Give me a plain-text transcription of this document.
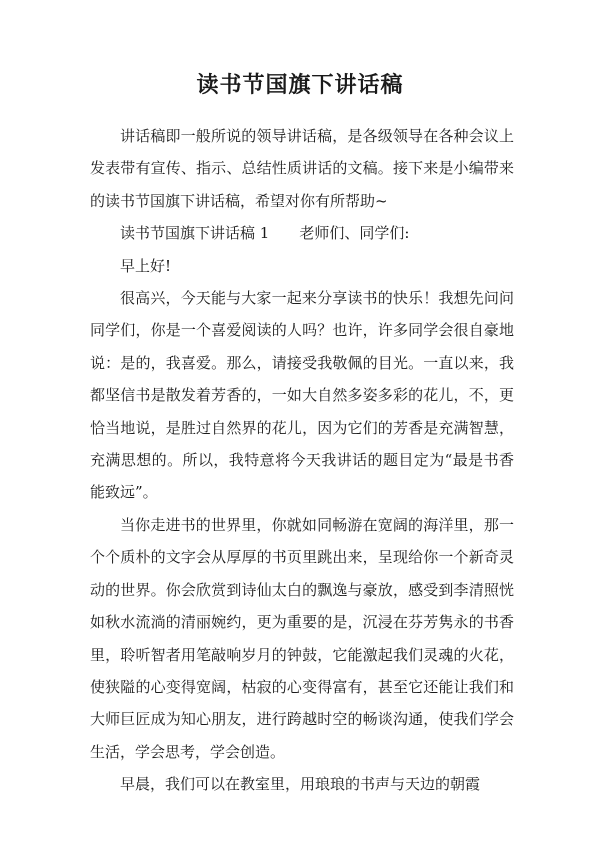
读书节国旗下讲话稿

讲话稿即一般所说的领导讲话稿，是各级领导在各种会议上发表带有宣传、指示、总结性质讲话的文稿。接下来是小编带来的读书节国旗下讲话稿，希望对你有所帮助~

读书节国旗下讲话稿 1 老师们、同学们:

早上好!

很高兴，今天能与大家一起来分享读书的快乐！我想先问问同学们，你是一个喜爱阅读的人吗？也许，许多同学会很自豪地说：是的，我喜爱。那么，请接受我敬佩的目光。一直以来，我都坚信书是散发着芳香的，一如大自然多姿多彩的花儿，不，更恰当地说，是胜过自然界的花儿，因为它们的芳香是充满智慧，充满思想的。所以，我特意将今天我讲话的题目定为“最是书香能致远”。

当你走进书的世界里，你就如同畅游在宽阔的海洋里，那一个个质朴的文字会从厚厚的书页里跳出来，呈现给你一个新奇灵动的世界。你会欣赏到诗仙太白的飘逸与豪放，感受到李清照恍如秋水流淌的清丽婉约，更为重要的是，沉浸在芬芳隽永的书香里，聆听智者用笔敲响岁月的钟鼓，它能激起我们灵魂的火花，使狭隘的心变得宽阔，枯寂的心变得富有，甚至它还能让我们和大师巨匠成为知心朋友，进行跨越时空的畅谈沟通，使我们学会生活，学会思考，学会创造。

早晨，我们可以在教室里，用琅琅的书声与天边的朝霞
